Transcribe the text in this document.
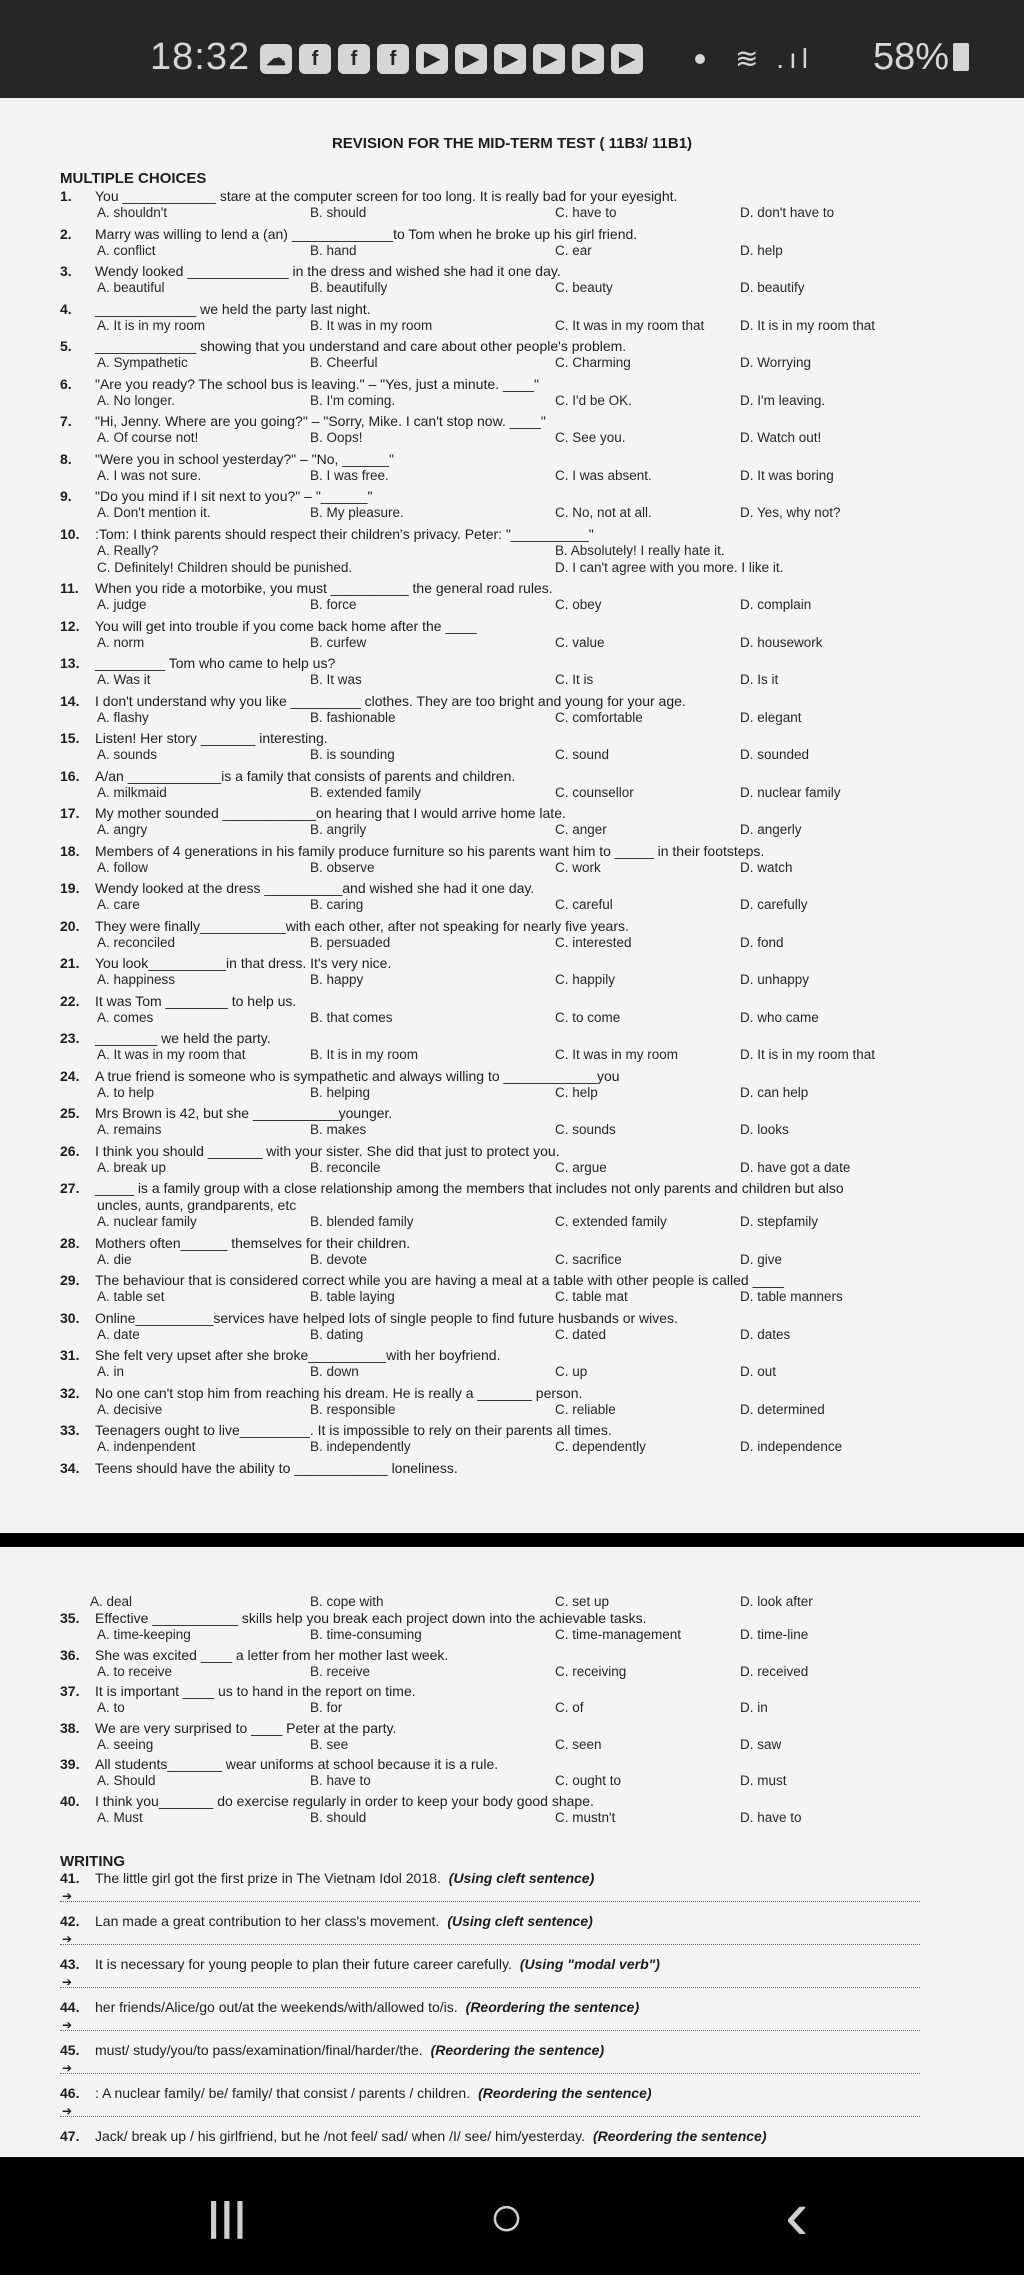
18:32 ☁	f	f	f	▶	▶	▶	▶	▶	▶	≋ .ıl 58%
REVISION FOR THE MID-TERM TEST ( 11B3/ 11B1)
MULTIPLE CHOICES
1. You ____________ stare at the computer screen for too long. It is really bad for your eyesight.
A. shouldn't	B. should	C. have to	D. don't have to
2. Marry was willing to lend a (an) _____________to Tom when he broke up his girl friend.
A. conflict	B. hand	C. ear	D. help
3. Wendy looked _____________ in the dress and wished she had it one day.
A. beautiful	B. beautifully	C. beauty	D. beautify
4. _____________ we held the party last night.
A. It is in my room	B. It was in my room	C. It was in my room that	D. It is in my room that
5. _____________ showing that you understand and care about other people's problem.
A. Sympathetic	B. Cheerful	C. Charming	D. Worrying
6. "Are you ready? The school bus is leaving." – "Yes, just a minute. ____"
A. No longer.	B. I'm coming.	C. I'd be OK.	D. I'm leaving.
7. "Hi, Jenny. Where are you going?" – "Sorry, Mike. I can't stop now. ____"
A. Of course not!	B. Oops!	C. See you.	D. Watch out!
8. "Were you in school yesterday?" – "No, ______"
A. I was not sure.	B. I was free.	C. I was absent.	D. It was boring
9. "Do you mind if I sit next to you?" – "______"
A. Don't mention it.	B. My pleasure.	C. No, not at all.	D. Yes, why not?
10. :Tom: I think parents should respect their children's privacy. Peter: "__________"
A. Really?	B. Absolutely! I really hate it.
C. Definitely! Children should be punished.	D. I can't agree with you more. I like it.
11. When you ride a motorbike, you must __________ the general road rules.
A. judge	B. force	C. obey	D. complain
12. You will get into trouble if you come back home after the ____
A. norm	B. curfew	C. value	D. housework
13. _________ Tom who came to help us?
A. Was it	B. It was	C. It is	D. Is it
14. I don't understand why you like _________ clothes. They are too bright and young for your age.
A. flashy	B. fashionable	C. comfortable	D. elegant
15. Listen! Her story _______ interesting.
A. sounds	B. is sounding	C. sound	D. sounded
16. A/an ____________is a family that consists of parents and children.
A. milkmaid	B. extended family	C. counsellor	D. nuclear family
17. My mother sounded ____________on hearing that I would arrive home late.
A. angry	B. angrily	C. anger	D. angerly
18. Members of 4 generations in his family produce furniture so his parents want him to _____ in their footsteps.
A. follow	B. observe	C. work	D. watch
19. Wendy looked at the dress __________and wished she had it one day.
A. care	B. caring	C. careful	D. carefully
20. They were finally___________with each other, after not speaking for nearly five years.
A. reconciled	B. persuaded	C. interested	D. fond
21. You look__________in that dress. It's very nice.
A. happiness	B. happy	C. happily	D. unhappy
22. It was Tom ________ to help us.
A. comes	B. that comes	C. to come	D. who came
23. ________ we held the party.
A. It was in my room that	B. It is in my room	C. It was in my room	D. It is in my room that
24. A true friend is someone who is sympathetic and always willing to ____________you
A. to help	B. helping	C. help	D. can help
25. Mrs Brown is 42, but she ___________younger.
A. remains	B. makes	C. sounds	D. looks
26. I think you should _______ with your sister. She did that just to protect you.
A. break up	B. reconcile	C. argue	D. have got a date
27. _____ is a family group with a close relationship among the members that includes not only parents and children but also
uncles, aunts, grandparents, etc
A. nuclear family	B. blended family	C. extended family	D. stepfamily
28. Mothers often______ themselves for their children.
A. die	B. devote	C. sacrifice	D. give
29. The behaviour that is considered correct while you are having a meal at a table with other people is called ____
A. table set	B. table laying	C. table mat	D. table manners
30. Online__________services have helped lots of single people to find future husbands or wives.
A. date	B. dating	C. dated	D. dates
31. She felt very upset after she broke__________with her boyfriend.
A. in	B. down	C. up	D. out
32. No one can't stop him from reaching his dream. He is really a _______ person.
A. decisive	B. responsible	C. reliable	D. determined
33. Teenagers ought to live_________. It is impossible to rely on their parents all times.
A. indenpendent	B. independently	C. dependently	D. independence
34. Teens should have the ability to ____________ loneliness.
A. deal	B. cope with	C. set up	D. look after
35. Effective ___________ skills help you break each project down into the achievable tasks.
A. time-keeping	B. time-consuming	C. time-management	D. time-line
36. She was excited ____ a letter from her mother last week.
A. to receive	B. receive	C. receiving	D. received
37. It is important ____ us to hand in the report on time.
A. to	B. for	C. of	D. in
38. We are very surprised to ____ Peter at the party.
A. seeing	B. see	C. seen	D. saw
39. All students_______ wear uniforms at school because it is a rule.
A. Should	B. have to	C. ought to	D. must
40. I think you_______ do exercise regularly in order to keep your body good shape.
A. Must	B. should	C. mustn't	D. have to
WRITING
41. The little girl got the first prize in The Vietnam Idol 2018. (Using cleft sentence)
➔
42. Lan made a great contribution to her class's movement. (Using cleft sentence)
➔
43. It is necessary for young people to plan their future career carefully. (Using "modal verb")
➔
44. her friends/Alice/go out/at the weekends/with/allowed to/is. (Reordering the sentence)
➔
45. must/ study/you/to pass/examination/final/harder/the. (Reordering the sentence)
➔
46. : A nuclear family/ be/ family/ that consist / parents / children. (Reordering the sentence)
➔
47. Jack/ break up / his girlfriend, but he /not feel/ sad/ when /I/ see/ him/yesterday. (Reordering the sentence)
|||	○	‹
